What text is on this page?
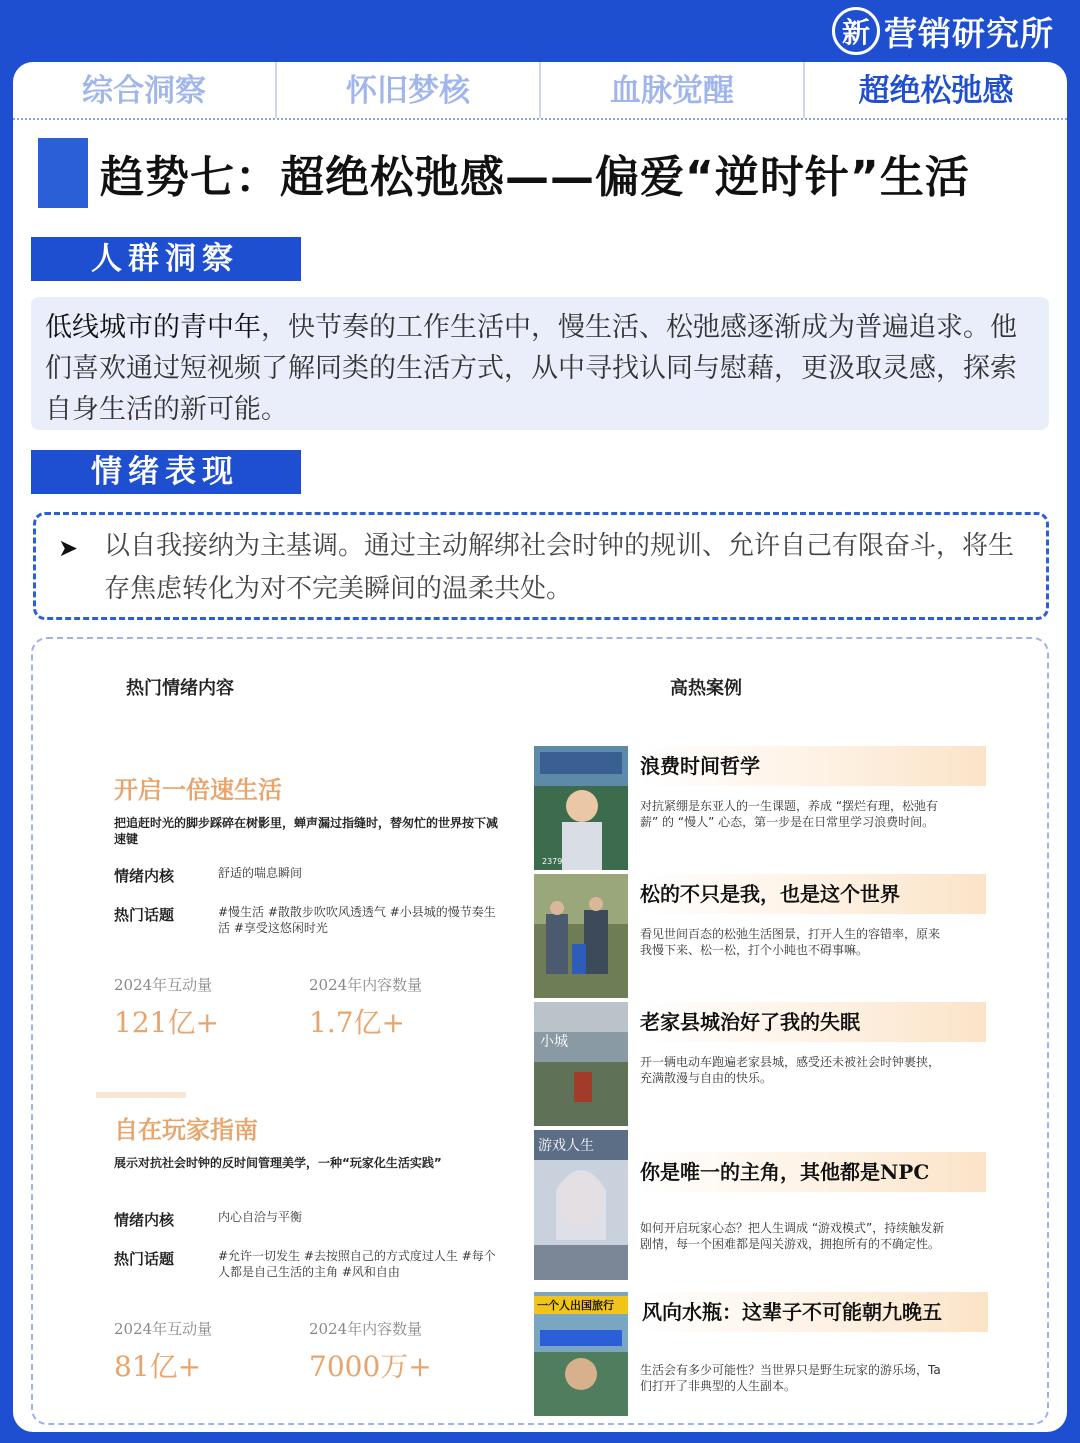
新 营销研究所
综合洞察	怀旧梦核	血脉觉醒	超绝松弛感
趋势七：超绝松弛感——偏爱“逆时针”生活
人群洞察
低线城市的青中年，快节奏的工作生活中，慢生活、松弛感逐渐成为普遍追求。他们喜欢通过短视频了解同类的生活方式，从中寻找认同与慰藉，更汲取灵感，探索自身生活的新可能。
情绪表现
➤ 以自我接纳为主基调。通过主动解绑社会时钟的规训、允许自己有限奋斗，将生存焦虑转化为对不完美瞬间的温柔共处。
热门情绪内容	高热案例
开启一倍速生活
把追赶时光的脚步踩碎在树影里，蝉声漏过指缝时，替匆忙的世界按下减速键
情绪内核	舒适的喘息瞬间
热门话题	#慢生活 #散散步吹吹风透透气 #小县城的慢节奏生活 #享受这悠闲时光
2024年互动量
121亿+
2024年内容数量
1.7亿+
自在玩家指南
展示对抗社会时钟的反时间管理美学，一种“玩家化生活实践”
情绪内核	内心自洽与平衡
热门话题	#允许一切发生 #去按照自己的方式度过人生 #每个人都是自己生活的主角 #风和自由
2024年互动量
81亿+
2024年内容数量
7000万+
2379
浪费时间哲学
对抗紧绷是东亚人的一生课题，养成 “摆烂有理，松弛有薪” 的 “慢人” 心态，第一步是在日常里学习浪费时间。
松的不只是我，也是这个世界
看见世间百态的松弛生活图景，打开人生的容错率，原来我慢下来、松一松，打个小盹也不碍事嘛。
小城
老家县城治好了我的失眠
开一辆电动车跑遍老家县城，感受还未被社会时钟裹挟，充满散漫与自由的快乐。
游戏人生
你是唯一的主角，其他都是NPC
如何开启玩家心态？把人生调成 “游戏模式”，持续触发新剧情，每一个困难都是闯关游戏，拥抱所有的不确定性。
一个人出国旅行 风向水瓶：这辈子不可能朝九晚五
生活会有多少可能性？当世界只是野生玩家的游乐场，Ta们打开了非典型的人生副本。
